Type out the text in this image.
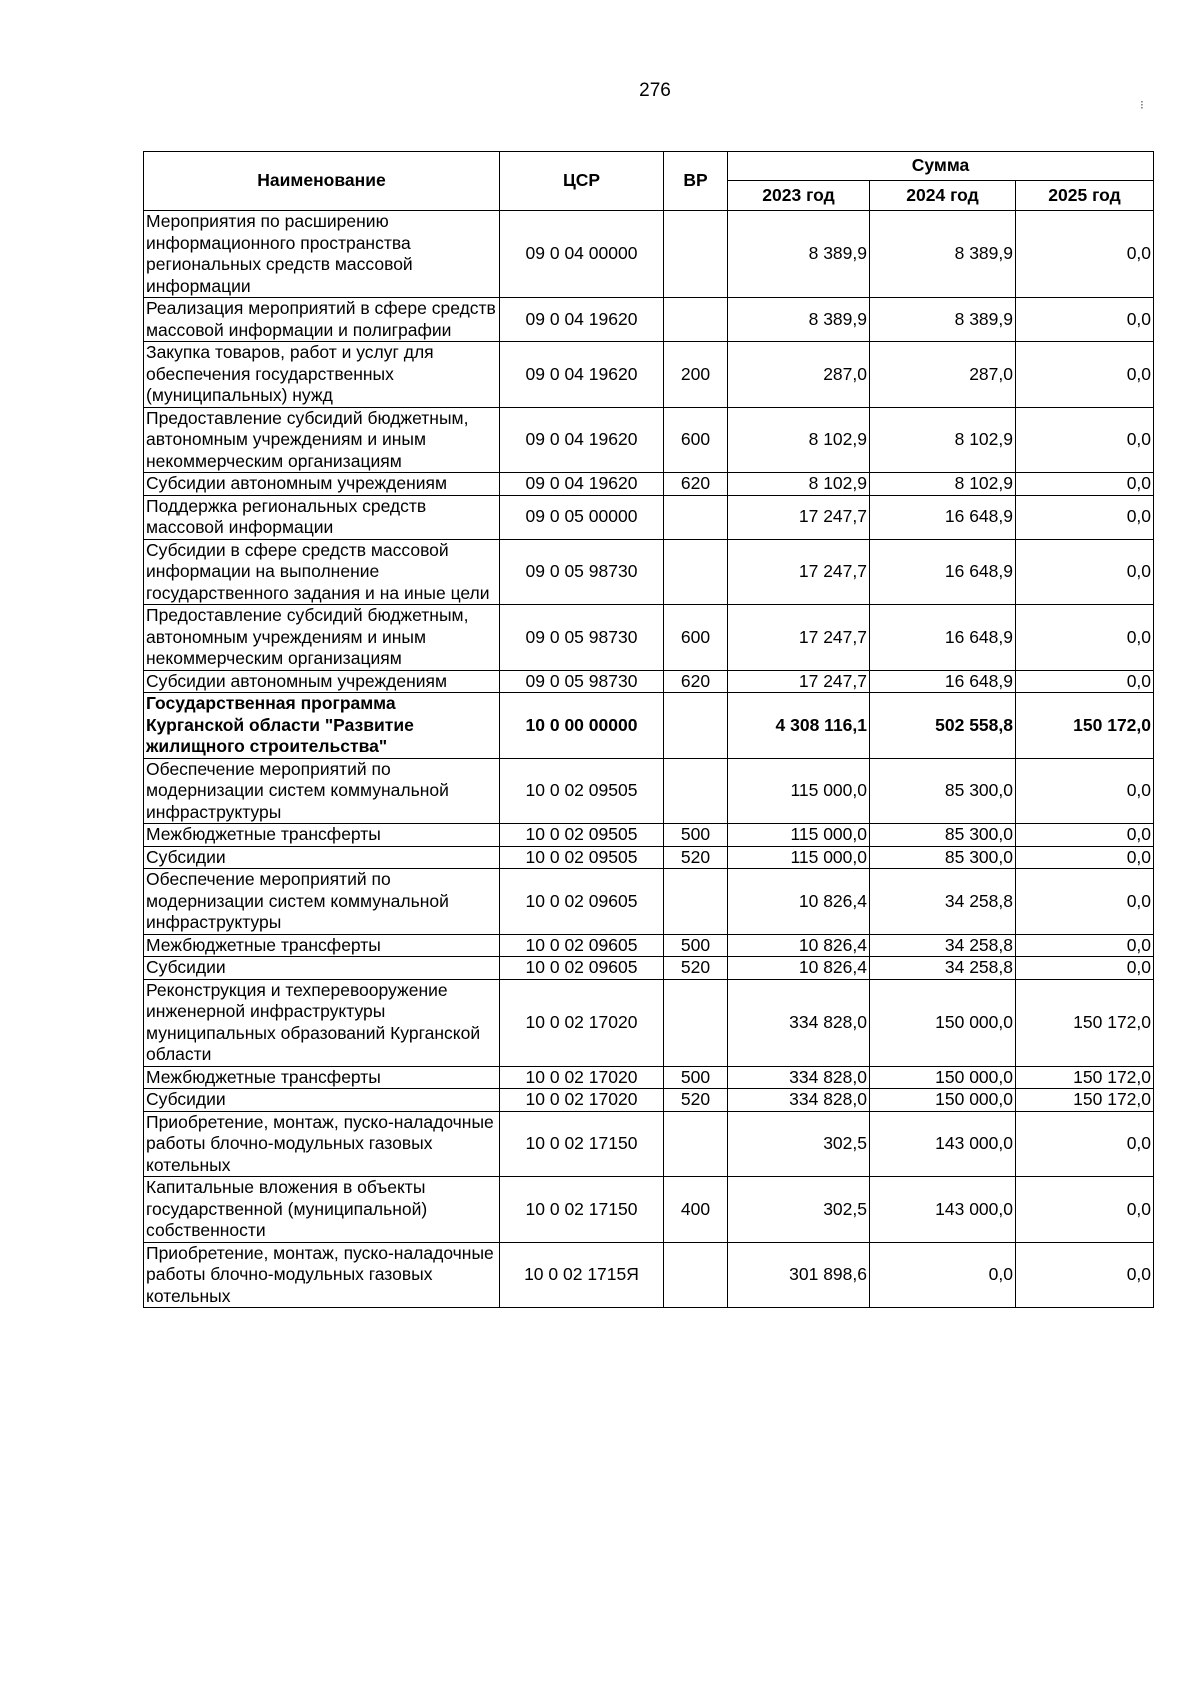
276
⁝
Наименование	ЦСР	ВР	Сумма		
			2023 год	2024 год	2025 год
Мероприятия по расширению информационного пространства региональных средств массовой информации	09 0 04 00000		8 389,9	8 389,9	0,0
Реализация мероприятий в сфере средств массовой информации и полиграфии	09 0 04 19620		8 389,9	8 389,9	0,0
Закупка товаров, работ и услуг для обеспечения государственных (муниципальных) нужд	09 0 04 19620	200	287,0	287,0	0,0
Предоставление субсидий бюджетным, автономным учреждениям и иным некоммерческим организациям	09 0 04 19620	600	8 102,9	8 102,9	0,0
Субсидии автономным учреждениям	09 0 04 19620	620	8 102,9	8 102,9	0,0
Поддержка региональных средств массовой информации	09 0 05 00000		17 247,7	16 648,9	0,0
Субсидии в сфере средств массовой информации на выполнение государственного задания и на иные цели	09 0 05 98730		17 247,7	16 648,9	0,0
Предоставление субсидий бюджетным, автономным учреждениям и иным некоммерческим организациям	09 0 05 98730	600	17 247,7	16 648,9	0,0
Субсидии автономным учреждениям	09 0 05 98730	620	17 247,7	16 648,9	0,0
Государственная программа Курганской области "Развитие жилищного строительства"	10 0 00 00000		4 308 116,1	502 558,8	150 172,0
Обеспечение мероприятий по модернизации систем коммунальной инфраструктуры	10 0 02 09505		115 000,0	85 300,0	0,0
Межбюджетные трансферты	10 0 02 09505	500	115 000,0	85 300,0	0,0
Субсидии	10 0 02 09505	520	115 000,0	85 300,0	0,0
Обеспечение мероприятий по модернизации систем коммунальной инфраструктуры	10 0 02 09605		10 826,4	34 258,8	0,0
Межбюджетные трансферты	10 0 02 09605	500	10 826,4	34 258,8	0,0
Субсидии	10 0 02 09605	520	10 826,4	34 258,8	0,0
Реконструкция и техперевооружение инженерной инфраструктуры муниципальных образований Курганской области	10 0 02 17020		334 828,0	150 000,0	150 172,0
Межбюджетные трансферты	10 0 02 17020	500	334 828,0	150 000,0	150 172,0
Субсидии	10 0 02 17020	520	334 828,0	150 000,0	150 172,0
Приобретение, монтаж, пуско-наладочные работы блочно-модульных газовых котельных	10 0 02 17150		302,5	143 000,0	0,0
Капитальные вложения в объекты государственной (муниципальной) собственности	10 0 02 17150	400	302,5	143 000,0	0,0
Приобретение, монтаж, пуско-наладочные работы блочно-модульных газовых котельных	10 0 02 1715Я		301 898,6	0,0	0,0
